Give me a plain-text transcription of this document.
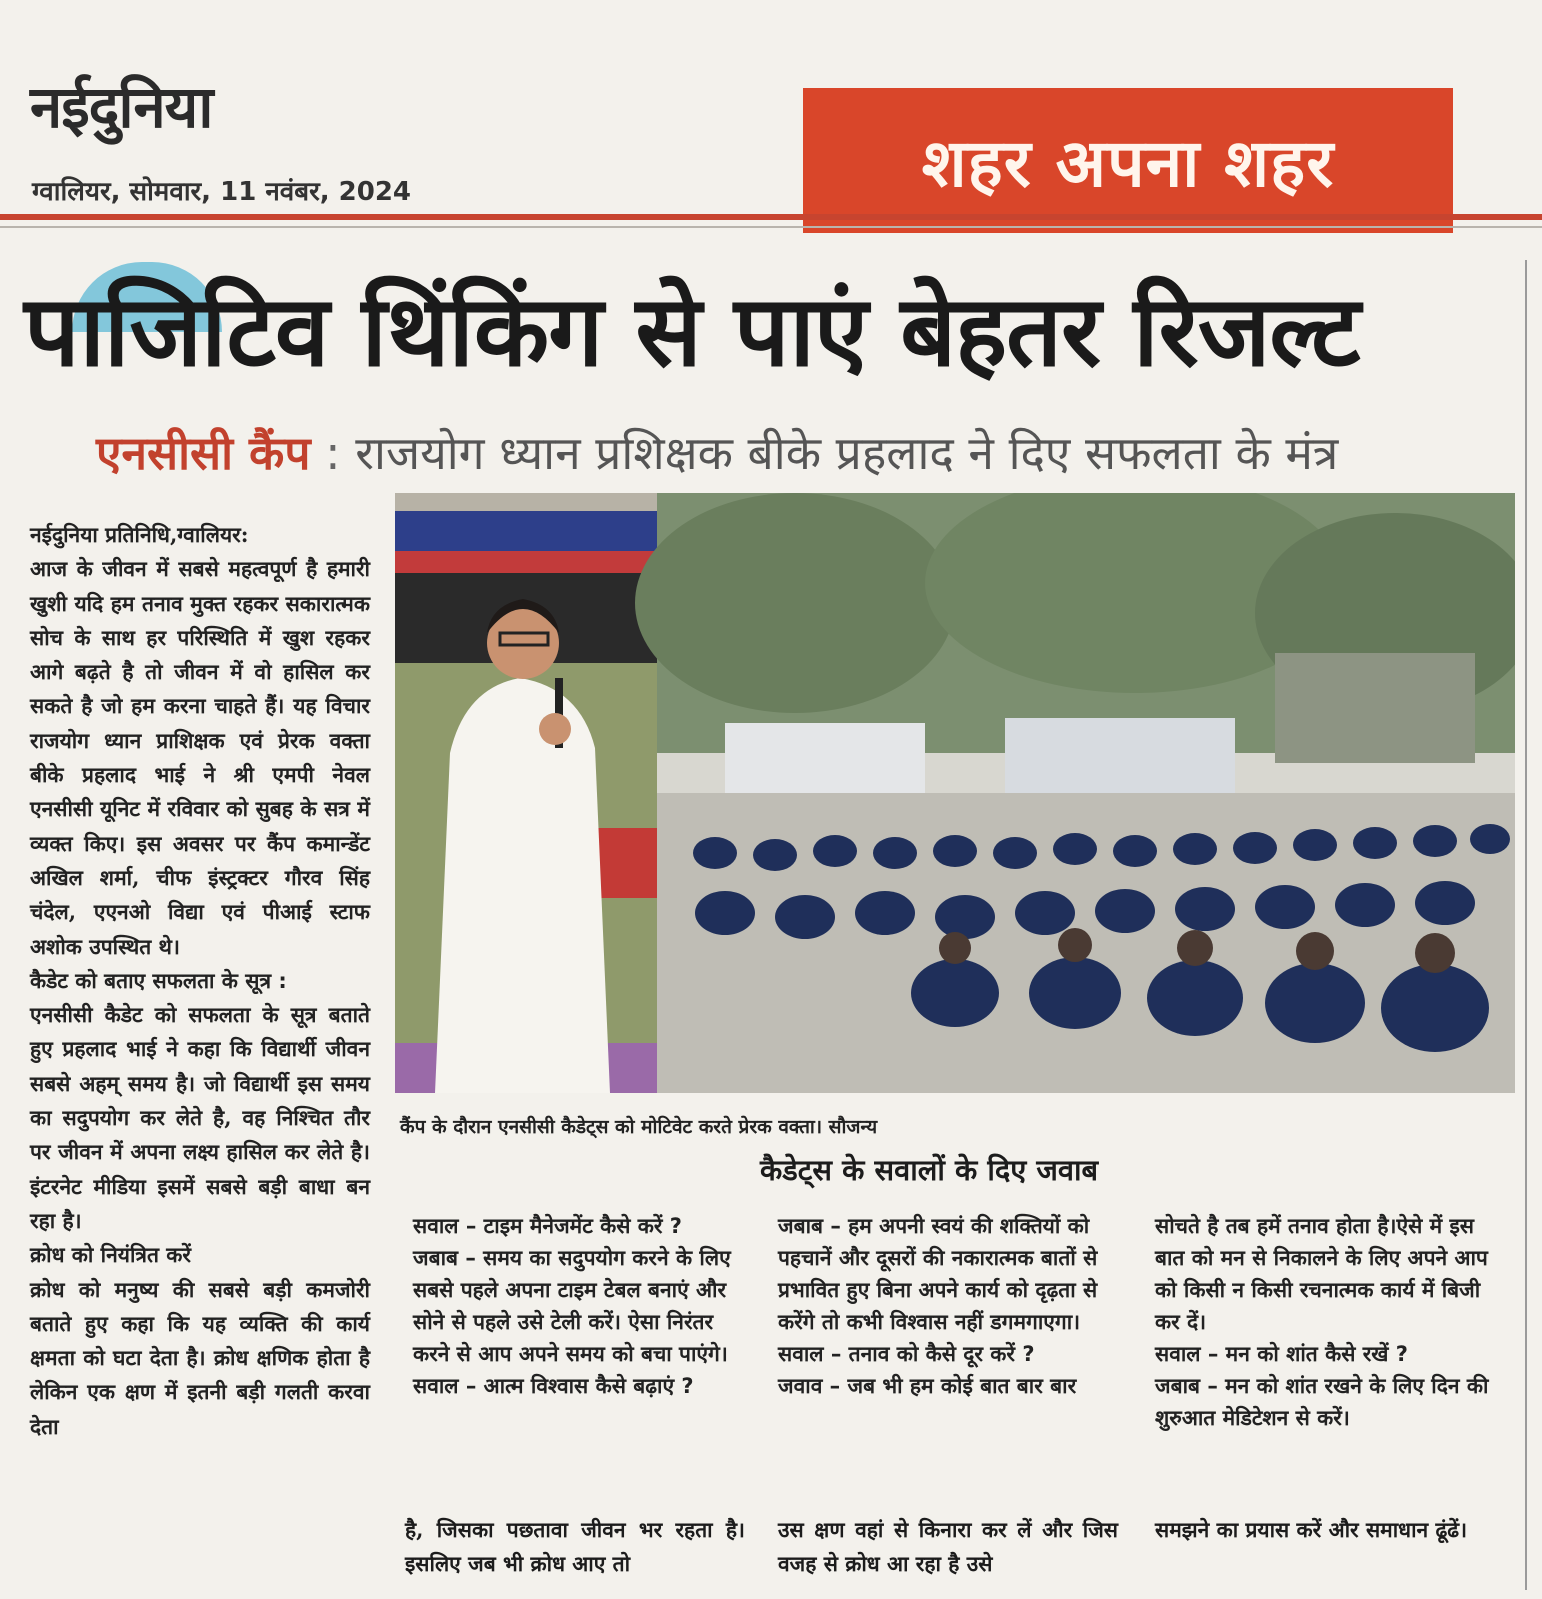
नईदुनिया
ग्वालियर, सोमवार, 11 नवंबर, 2024	शहर अपना शहर
पाजिटिव थिंकिंग से पाएं बेहतर रिजल्ट
एनसीसी कैंप : राजयोग ध्यान प्रशिक्षक बीके प्रहलाद ने दिए सफलता के मंत्र

नईदुनिया प्रतिनिधि,ग्वालियर:

आज के जीवन में सबसे महत्वपूर्ण है हमारी खुशी यदि हम तनाव मुक्त रहकर सकारात्मक सोच के साथ हर परिस्थिति में खुश रहकर आगे बढ़ते है तो जीवन में वो हासिल कर सकते है जो हम करना चाहते हैं। यह विचार राजयोग ध्यान प्राशिक्षक एवं प्रेरक वक्ता बीके प्रहलाद भाई ने श्री एमपी नेवल एनसीसी यूनिट में रविवार को सुबह के सत्र में व्यक्त किए। इस अवसर पर कैंप कमान्डेंट अखिल शर्मा, चीफ इंस्ट्रक्टर गौरव सिंह चंदेल, एएनओ विद्या एवं पीआई स्टाफ अशोक उपस्थित थे।

कैडेट को बताए सफलता के सूत्र :

एनसीसी कैडेट को सफलता के सूत्र बताते हुए प्रहलाद भाई ने कहा कि विद्यार्थी जीवन सबसे अहम् समय है। जो विद्यार्थी इस समय का सदुपयोग कर लेते है, वह निश्चित तौर पर जीवन में अपना लक्ष्य हासिल कर लेते है। इंटरनेट मीडिया इसमें सबसे बड़ी बाधा बन रहा है।

क्रोध को नियंत्रित करें

क्रोध को मनुष्य की सबसे बड़ी कमजोरी बताते हुए कहा कि यह व्यक्ति की कार्य क्षमता को घटा देता है। क्रोध क्षणिक होता है लेकिन एक क्षण में इतनी बड़ी गलती करवा देता

कैंप के दौरान एनसीसी कैडेट्स को मोटिवेट करते प्रेरक वक्ता। सौजन्य
कैडेट्स के सवालों के दिए जवाब

सवाल – टाइम मैनेजमेंट कैसे करें ?

जबाब – समय का सदुपयोग करने के लिए सबसे पहले अपना टाइम टेबल बनाएं और सोने से पहले उसे टेली करें। ऐसा निरंतर करने से आप अपने समय को बचा पाएंगे।

सवाल – आत्म विश्वास कैसे बढ़ाएं ?

जबाब – हम अपनी स्वयं की शक्तियों को पहचानें और दूसरों की नकारात्मक बातों से प्रभावित हुए बिना अपने कार्य को दृढ़ता से करेंगे तो कभी विश्वास नहीं डगमगाएगा।

सवाल – तनाव को कैसे दूर करें ?

जवाव – जब भी हम कोई बात बार बार

सोचते है तब हमें तनाव होता है।ऐसे में इस बात को मन से निकालने के लिए अपने आप को किसी न किसी रचनात्मक कार्य में बिजी कर दें।

सवाल – मन को शांत कैसे रखें ?

जबाब – मन को शांत रखने के लिए दिन की शुरुआत मेडिटेशन से करें।

है, जिसका पछतावा जीवन भर रहता है। इसलिए जब भी क्रोध आए तो
उस क्षण वहां से किनारा कर लें और जिस वजह से क्रोध आ रहा है उसे
समझने का प्रयास करें और समाधान ढूंढें।
